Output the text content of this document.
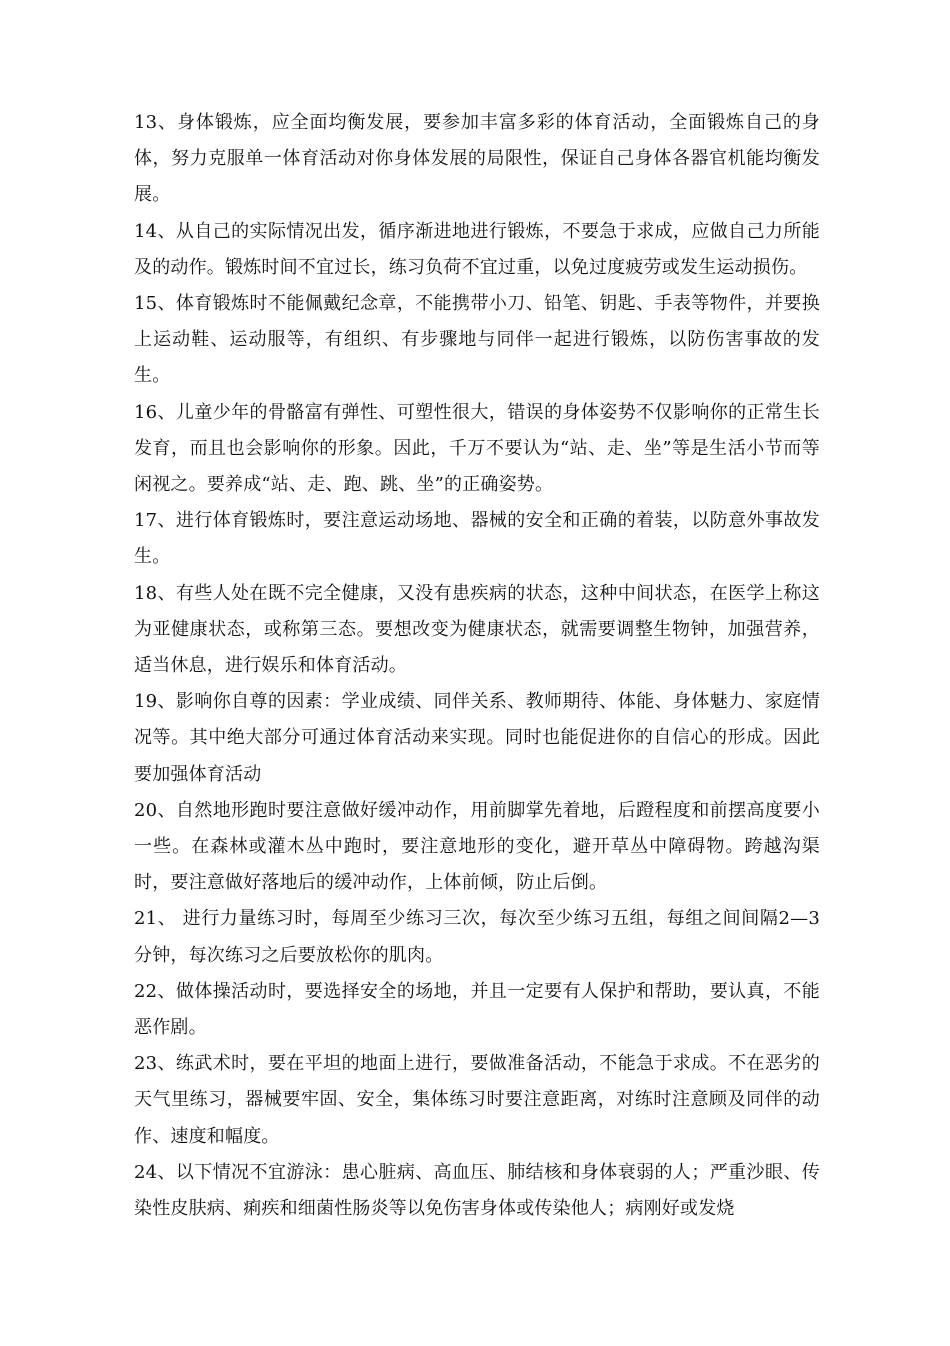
13、身体锻炼，应全面均衡发展，要参加丰富多彩的体育活动，全面锻炼自己的身体，努力克服单一体育活动对你身体发展的局限性，保证自己身体各器官机能均衡发展。

14、从自己的实际情况出发，循序渐进地进行锻炼，不要急于求成，应做自己力所能及的动作。锻炼时间不宜过长，练习负荷不宜过重，以免过度疲劳或发生运动损伤。

15、体育锻炼时不能佩戴纪念章，不能携带小刀、铅笔、钥匙、手表等物件，并要换上运动鞋、运动服等，有组织、有步骤地与同伴一起进行锻炼，以防伤害事故的发生。

16、儿童少年的骨骼富有弹性、可塑性很大，错误的身体姿势不仅影响你的正常生长发育，而且也会影响你的形象。因此，千万不要认为“站、走、坐”等是生活小节而等闲视之。要养成“站、走、跑、跳、坐”的正确姿势。

17、进行体育锻炼时，要注意运动场地、器械的安全和正确的着装，以防意外事故发生。

18、有些人处在既不完全健康，又没有患疾病的状态，这种中间状态，在医学上称这为亚健康状态，或称第三态。要想改变为健康状态，就需要调整生物钟，加强营养，适当休息，进行娱乐和体育活动。

19、影响你自尊的因素：学业成绩、同伴关系、教师期待、体能、身体魅力、家庭情况等。其中绝大部分可通过体育活动来实现。同时也能促进你的自信心的形成。因此要加强体育活动

20、自然地形跑时要注意做好缓冲动作，用前脚掌先着地，后蹬程度和前摆高度要小一些。在森林或灌木丛中跑时，要注意地形的变化，避开草丛中障碍物。跨越沟渠时，要注意做好落地后的缓冲动作，上体前倾，防止后倒。

21、 进行力量练习时，每周至少练习三次，每次至少练习五组，每组之间间隔2—3分钟，每次练习之后要放松你的肌肉。

22、做体操活动时，要选择安全的场地，并且一定要有人保护和帮助，要认真，不能恶作剧。

23、练武术时，要在平坦的地面上进行，要做准备活动，不能急于求成。不在恶劣的天气里练习，器械要牢固、安全，集体练习时要注意距离，对练时注意顾及同伴的动作、速度和幅度。

24、以下情况不宜游泳：患心脏病、高血压、肺结核和身体衰弱的人；严重沙眼、传染性皮肤病、痢疾和细菌性肠炎等以免伤害身体或传染他人；病刚好或发烧
